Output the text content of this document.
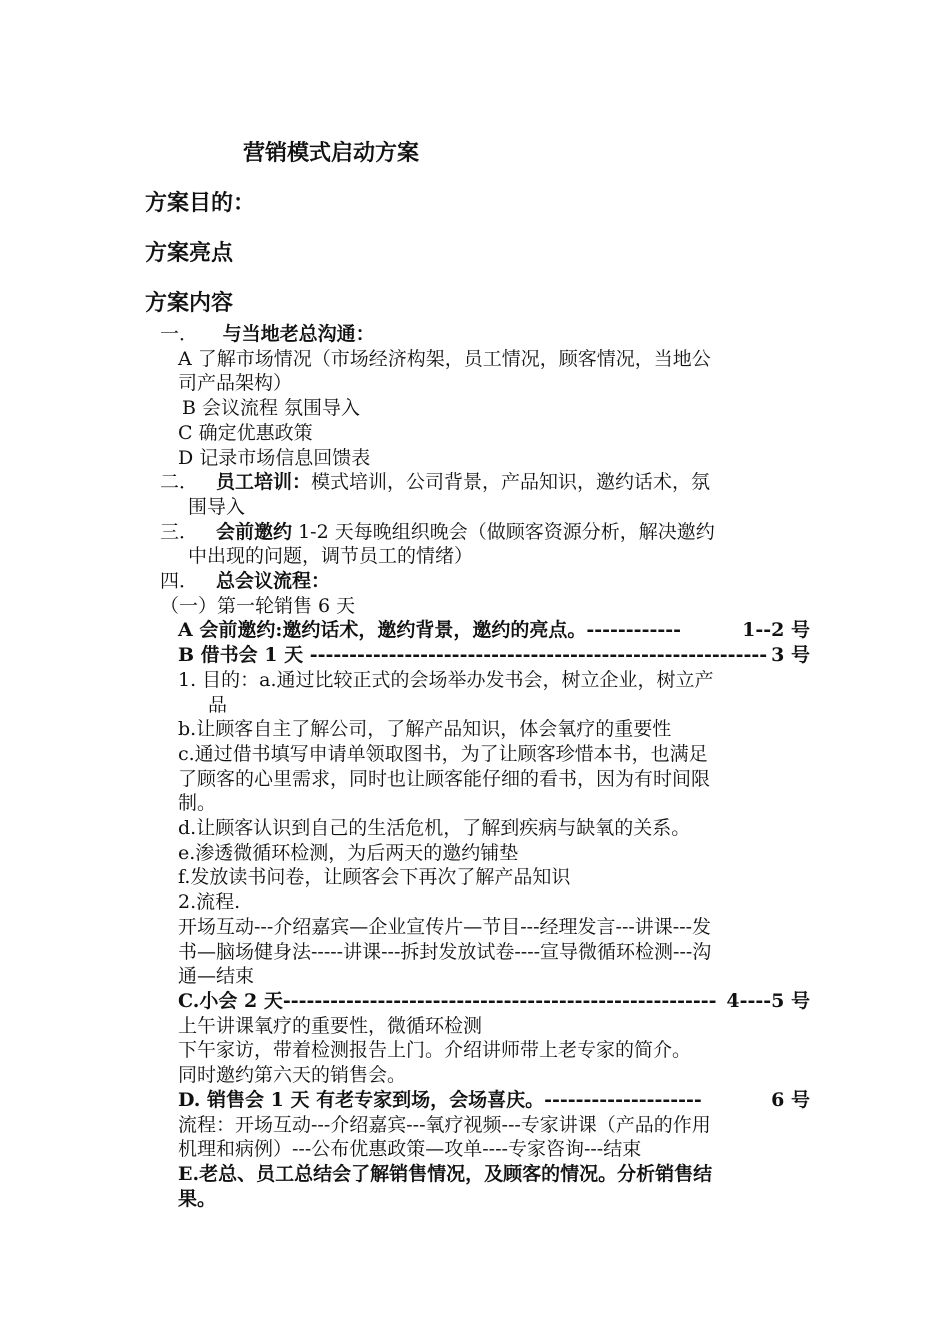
营销模式启动方案
方案目的：
方案亮点
方案内容
一． 与当地老总沟通：
A 了解市场情况（市场经济构架，员工情况，顾客情况，当地公
司产品架构）
B 会议流程 氛围导入
C 确定优惠政策
D 记录市场信息回馈表
二． 员工培训：模式培训，公司背景，产品知识，邀约话术，氛
围导入
三． 会前邀约 1-2 天每晚组织晚会（做顾客资源分析，解决邀约
中出现的问题，调节员工的情绪）
四． 总会议流程：
（一）第一轮销售 6 天
A 会前邀约:邀约话术，邀约背景，邀约的亮点。------------	1--2 号
B 借书会 1 天 ---------------------------------------------------------- 3 号
1. 目的：a.通过比较正式的会场举办发书会，树立企业，树立产
品
b.让顾客自主了解公司，了解产品知识，体会氧疗的重要性
c.通过借书填写申请单领取图书，为了让顾客珍惜本书，也满足
了顾客的心里需求，同时也让顾客能仔细的看书，因为有时间限
制。
d.让顾客认识到自己的生活危机，了解到疾病与缺氧的关系。
e.渗透微循环检测，为后两天的邀约铺垫
f.发放读书问卷，让顾客会下再次了解产品知识
2.流程.
开场互动---介绍嘉宾—企业宣传片—节目---经理发言---讲课---发
书—脑场健身法-----讲课---拆封发放试卷----宣导微循环检测---沟
通—结束
C.小会 2 天------------------------------------------------------- 4----5 号
上午讲课氧疗的重要性，微循环检测
下午家访，带着检测报告上门。介绍讲师带上老专家的简介。
同时邀约第六天的销售会。
D. 销售会 1 天 有老专家到场，会场喜庆。--------------------	6 号
流程：开场互动---介绍嘉宾---氧疗视频---专家讲课（产品的作用
机理和病例）---公布优惠政策—攻单----专家咨询---结束
E.老总、员工总结会了解销售情况，及顾客的情况。分析销售结
果。
